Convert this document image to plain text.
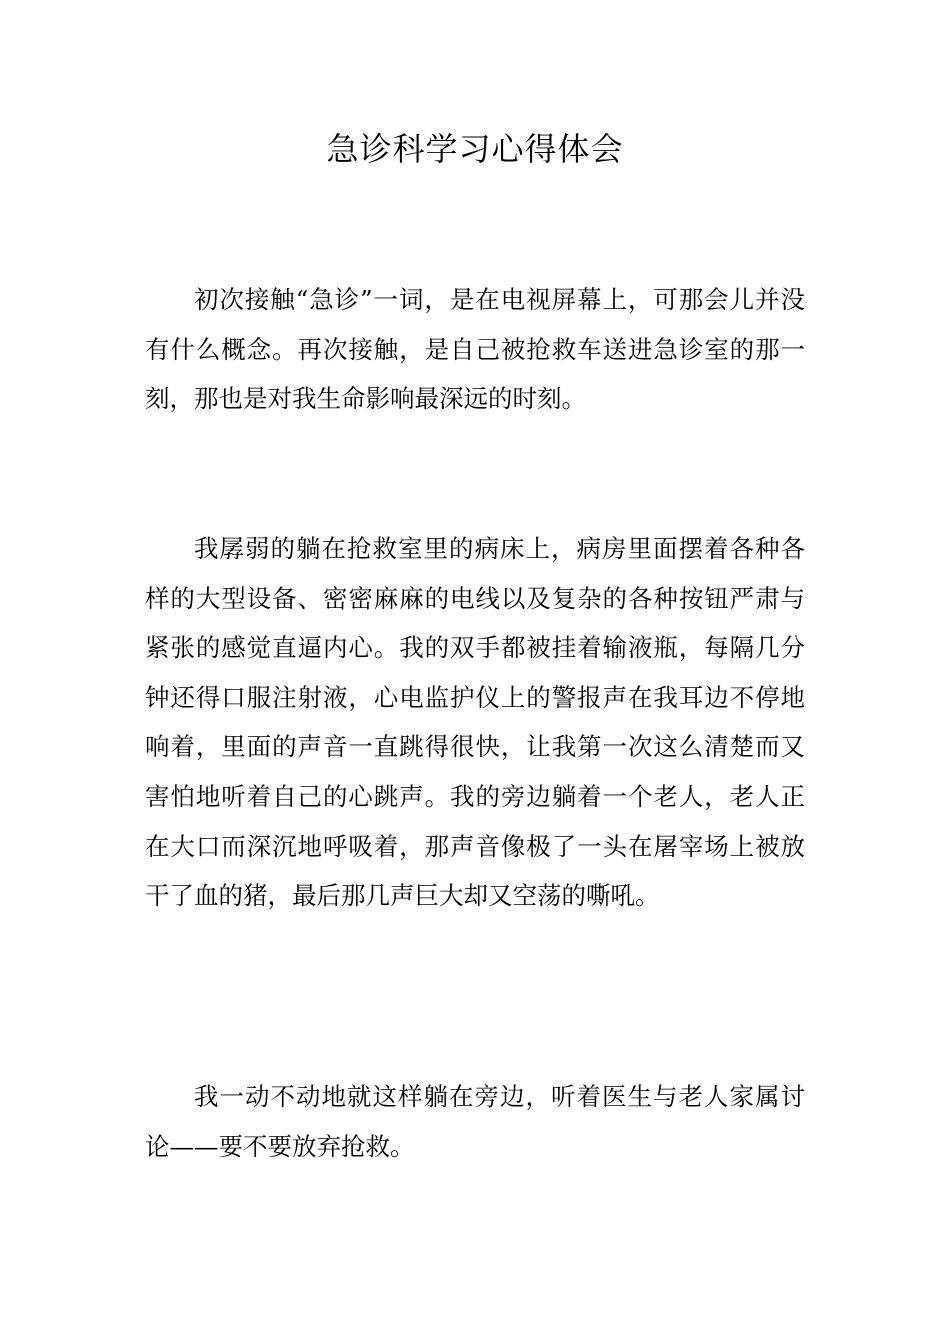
急诊科学习心得体会

初次接触“急诊”一词，是在电视屏幕上，可那会儿并没有什么概念。再次接触，是自己被抢救车送进急诊室的那一刻，那也是对我生命影响最深远的时刻。

我孱弱的躺在抢救室里的病床上，病房里面摆着各种各样的大型设备、密密麻麻的电线以及复杂的各种按钮严肃与紧张的感觉直逼内心。我的双手都被挂着输液瓶，每隔几分钟还得口服注射液，心电监护仪上的警报声在我耳边不停地响着，里面的声音一直跳得很快，让我第一次这么清楚而又害怕地听着自己的心跳声。我的旁边躺着一个老人，老人正在大口而深沉地呼吸着，那声音像极了一头在屠宰场上被放干了血的猪，最后那几声巨大却又空荡的嘶吼。

我一动不动地就这样躺在旁边，听着医生与老人家属讨论——要不要放弃抢救。
